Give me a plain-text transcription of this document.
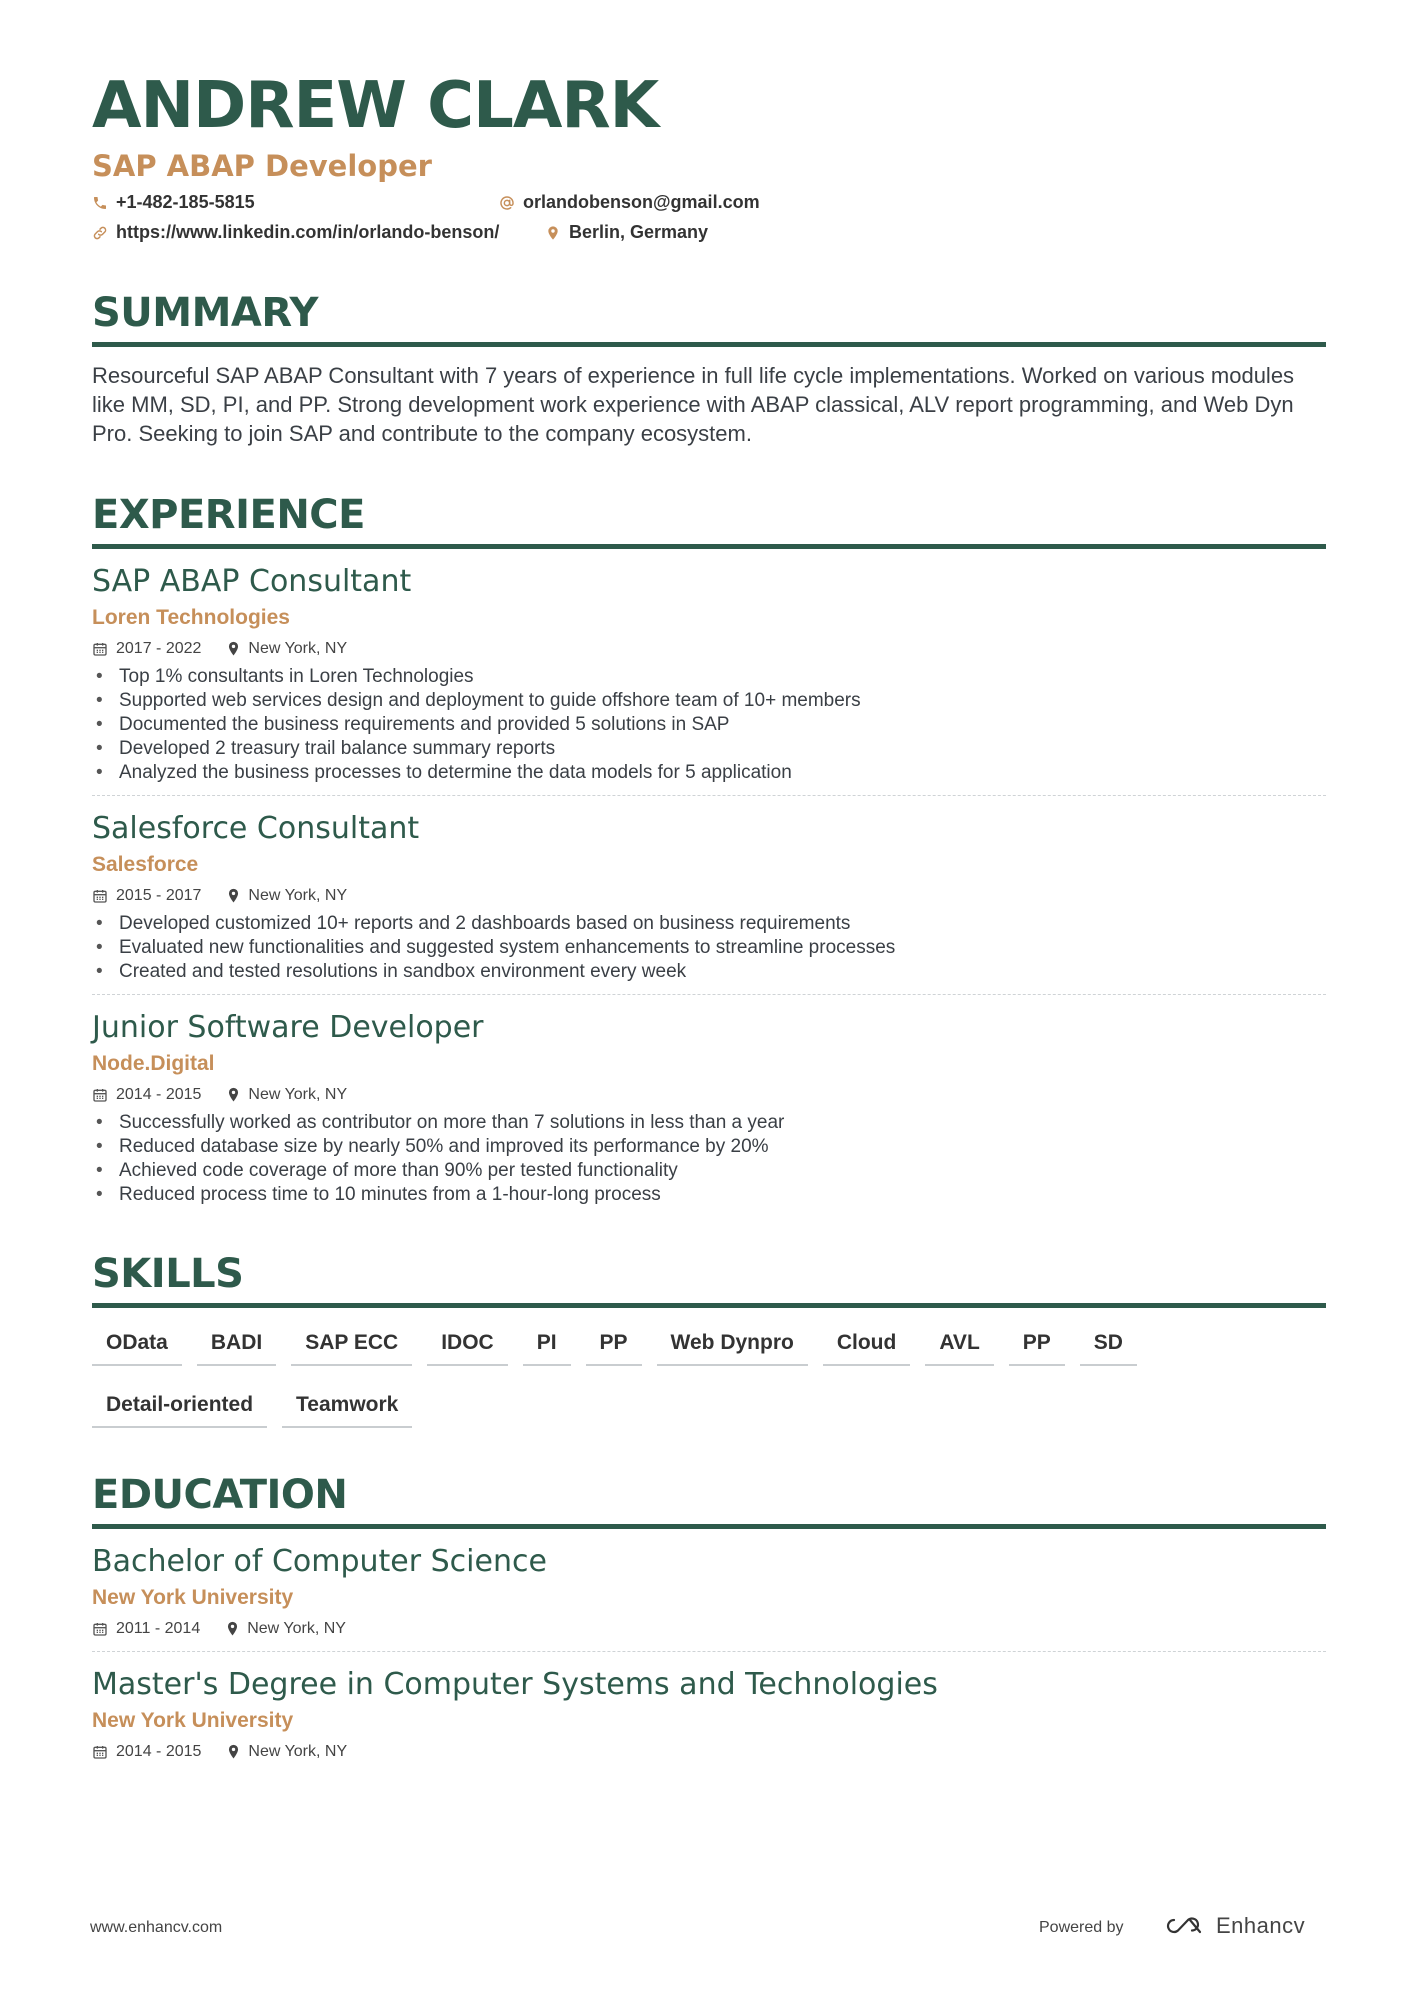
ANDREW CLARK
SAP ABAP Developer
+1-482-185-5815	orlandobenson@gmail.com
https://www.linkedin.com/in/orlando-benson/	Berlin, Germany
SUMMARY
Resourceful SAP ABAP Consultant with 7 years of experience in full life cycle implementations. Worked on various modules like MM, SD, PI, and PP. Strong development work experience with ABAP classical, ALV report programming, and Web Dyn Pro. Seeking to join SAP and contribute to the company ecosystem.
EXPERIENCE
SAP ABAP Consultant
Loren Technologies
2017 - 2022	New York, NY
• Top 1% consultants in Loren Technologies
• Supported web services design and deployment to guide offshore team of 10+ members
• Documented the business requirements and provided 5 solutions in SAP
• Developed 2 treasury trail balance summary reports
• Analyzed the business processes to determine the data models for 5 application
Salesforce Consultant
Salesforce
2015 - 2017	New York, NY
• Developed customized 10+ reports and 2 dashboards based on business requirements
• Evaluated new functionalities and suggested system enhancements to streamline processes
• Created and tested resolutions in sandbox environment every week
Junior Software Developer
Node.Digital
2014 - 2015	New York, NY
• Successfully worked as contributor on more than 7 solutions in less than a year
• Reduced database size by nearly 50% and improved its performance by 20%
• Achieved code coverage of more than 90% per tested functionality
• Reduced process time to 10 minutes from a 1-hour-long process
SKILLS
OData	BADI	SAP ECC	IDOC	PI	PP	Web Dynpro	Cloud	AVL	PP	SD
Detail-oriented	Teamwork
EDUCATION
Bachelor of Computer Science
New York University
2011 - 2014	New York, NY
Master's Degree in Computer Systems and Technologies
New York University
2014 - 2015	New York, NY
www.enhancv.com	Powered by	Enhancv
